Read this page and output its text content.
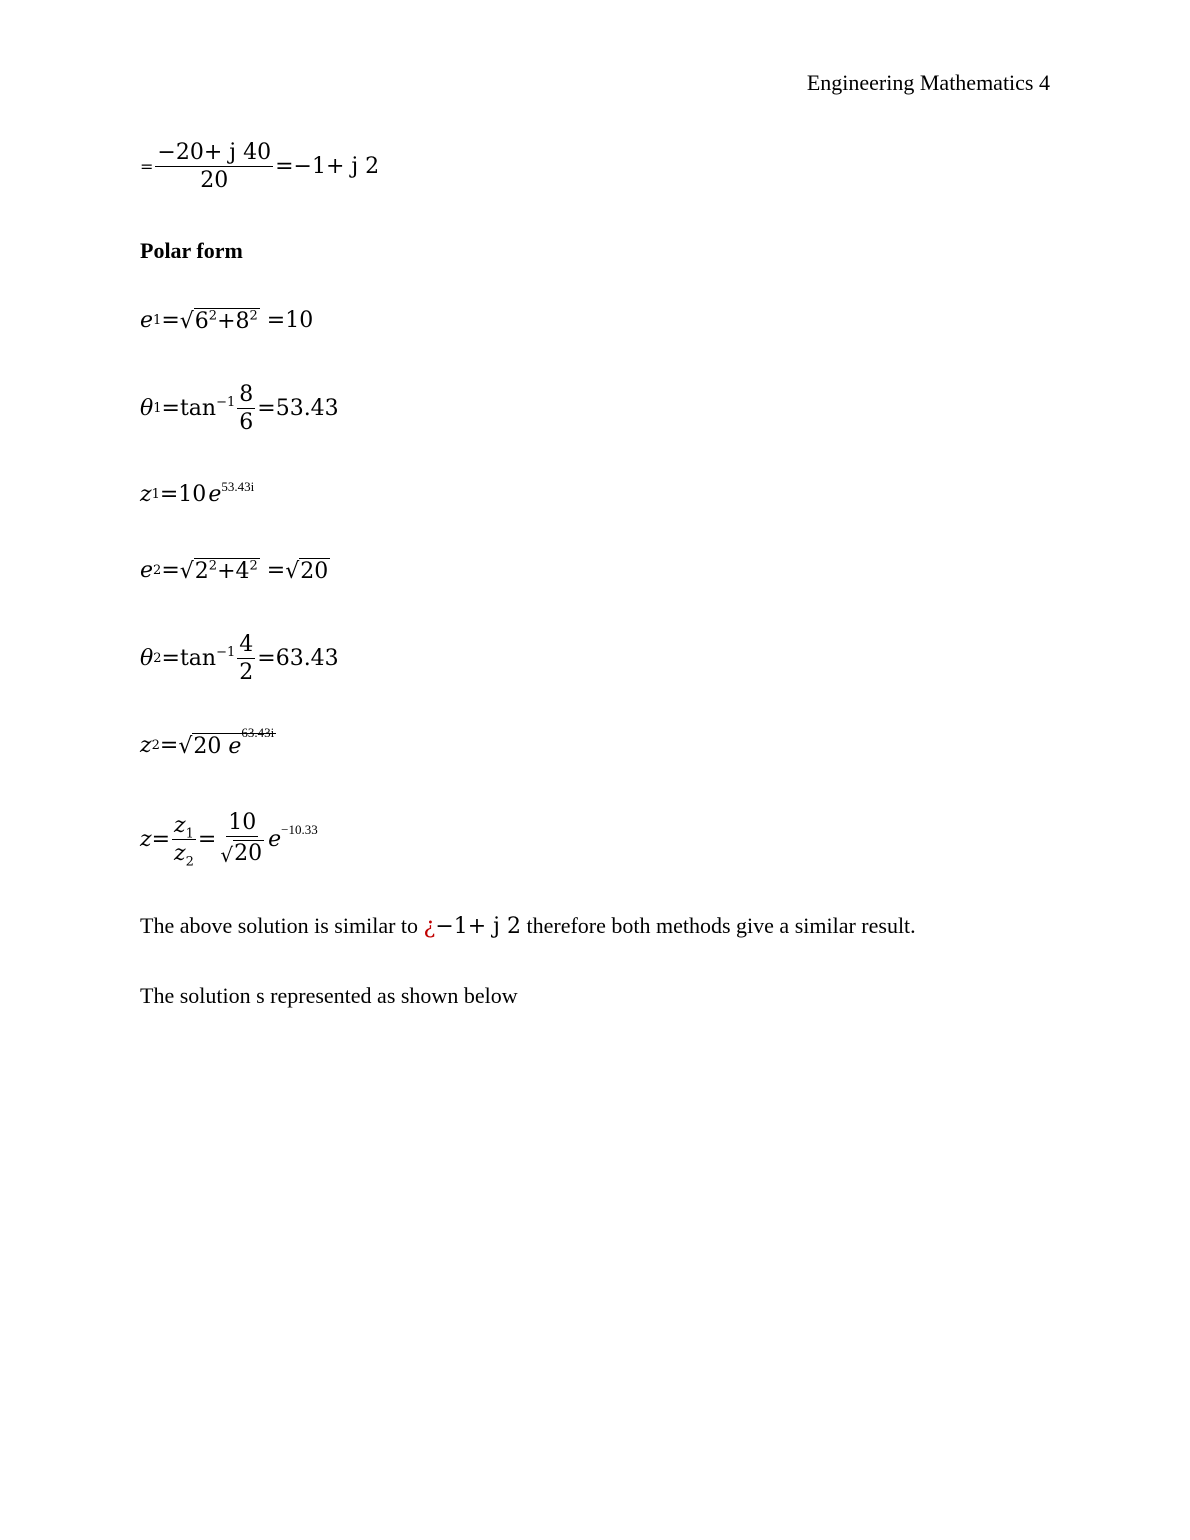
Engineering Mathematics 4
= $\frac{-20+ j 40}{20} =-1+ j$ 2
Polar form
e 1 = √ $6^2+8^2 =10$
θ $1 =\tan^{-1} \frac{8}{6} =53.43$
z 1 =10 $e^{53.43i}$
e 2 = √ $2^2+4^2$ = √ 20
θ $2 =\tan^{-1} \frac{4}{2} =63.43$
z 2 = √ 20 $e^{63.43i}$
$z = \frac{z_1}{z_2} = \frac{10}{√ 20} e^{-10.33}$
The above solution is similar to ¿−1+ j 2 therefore both methods give a similar result.
The solution s represented as shown below
